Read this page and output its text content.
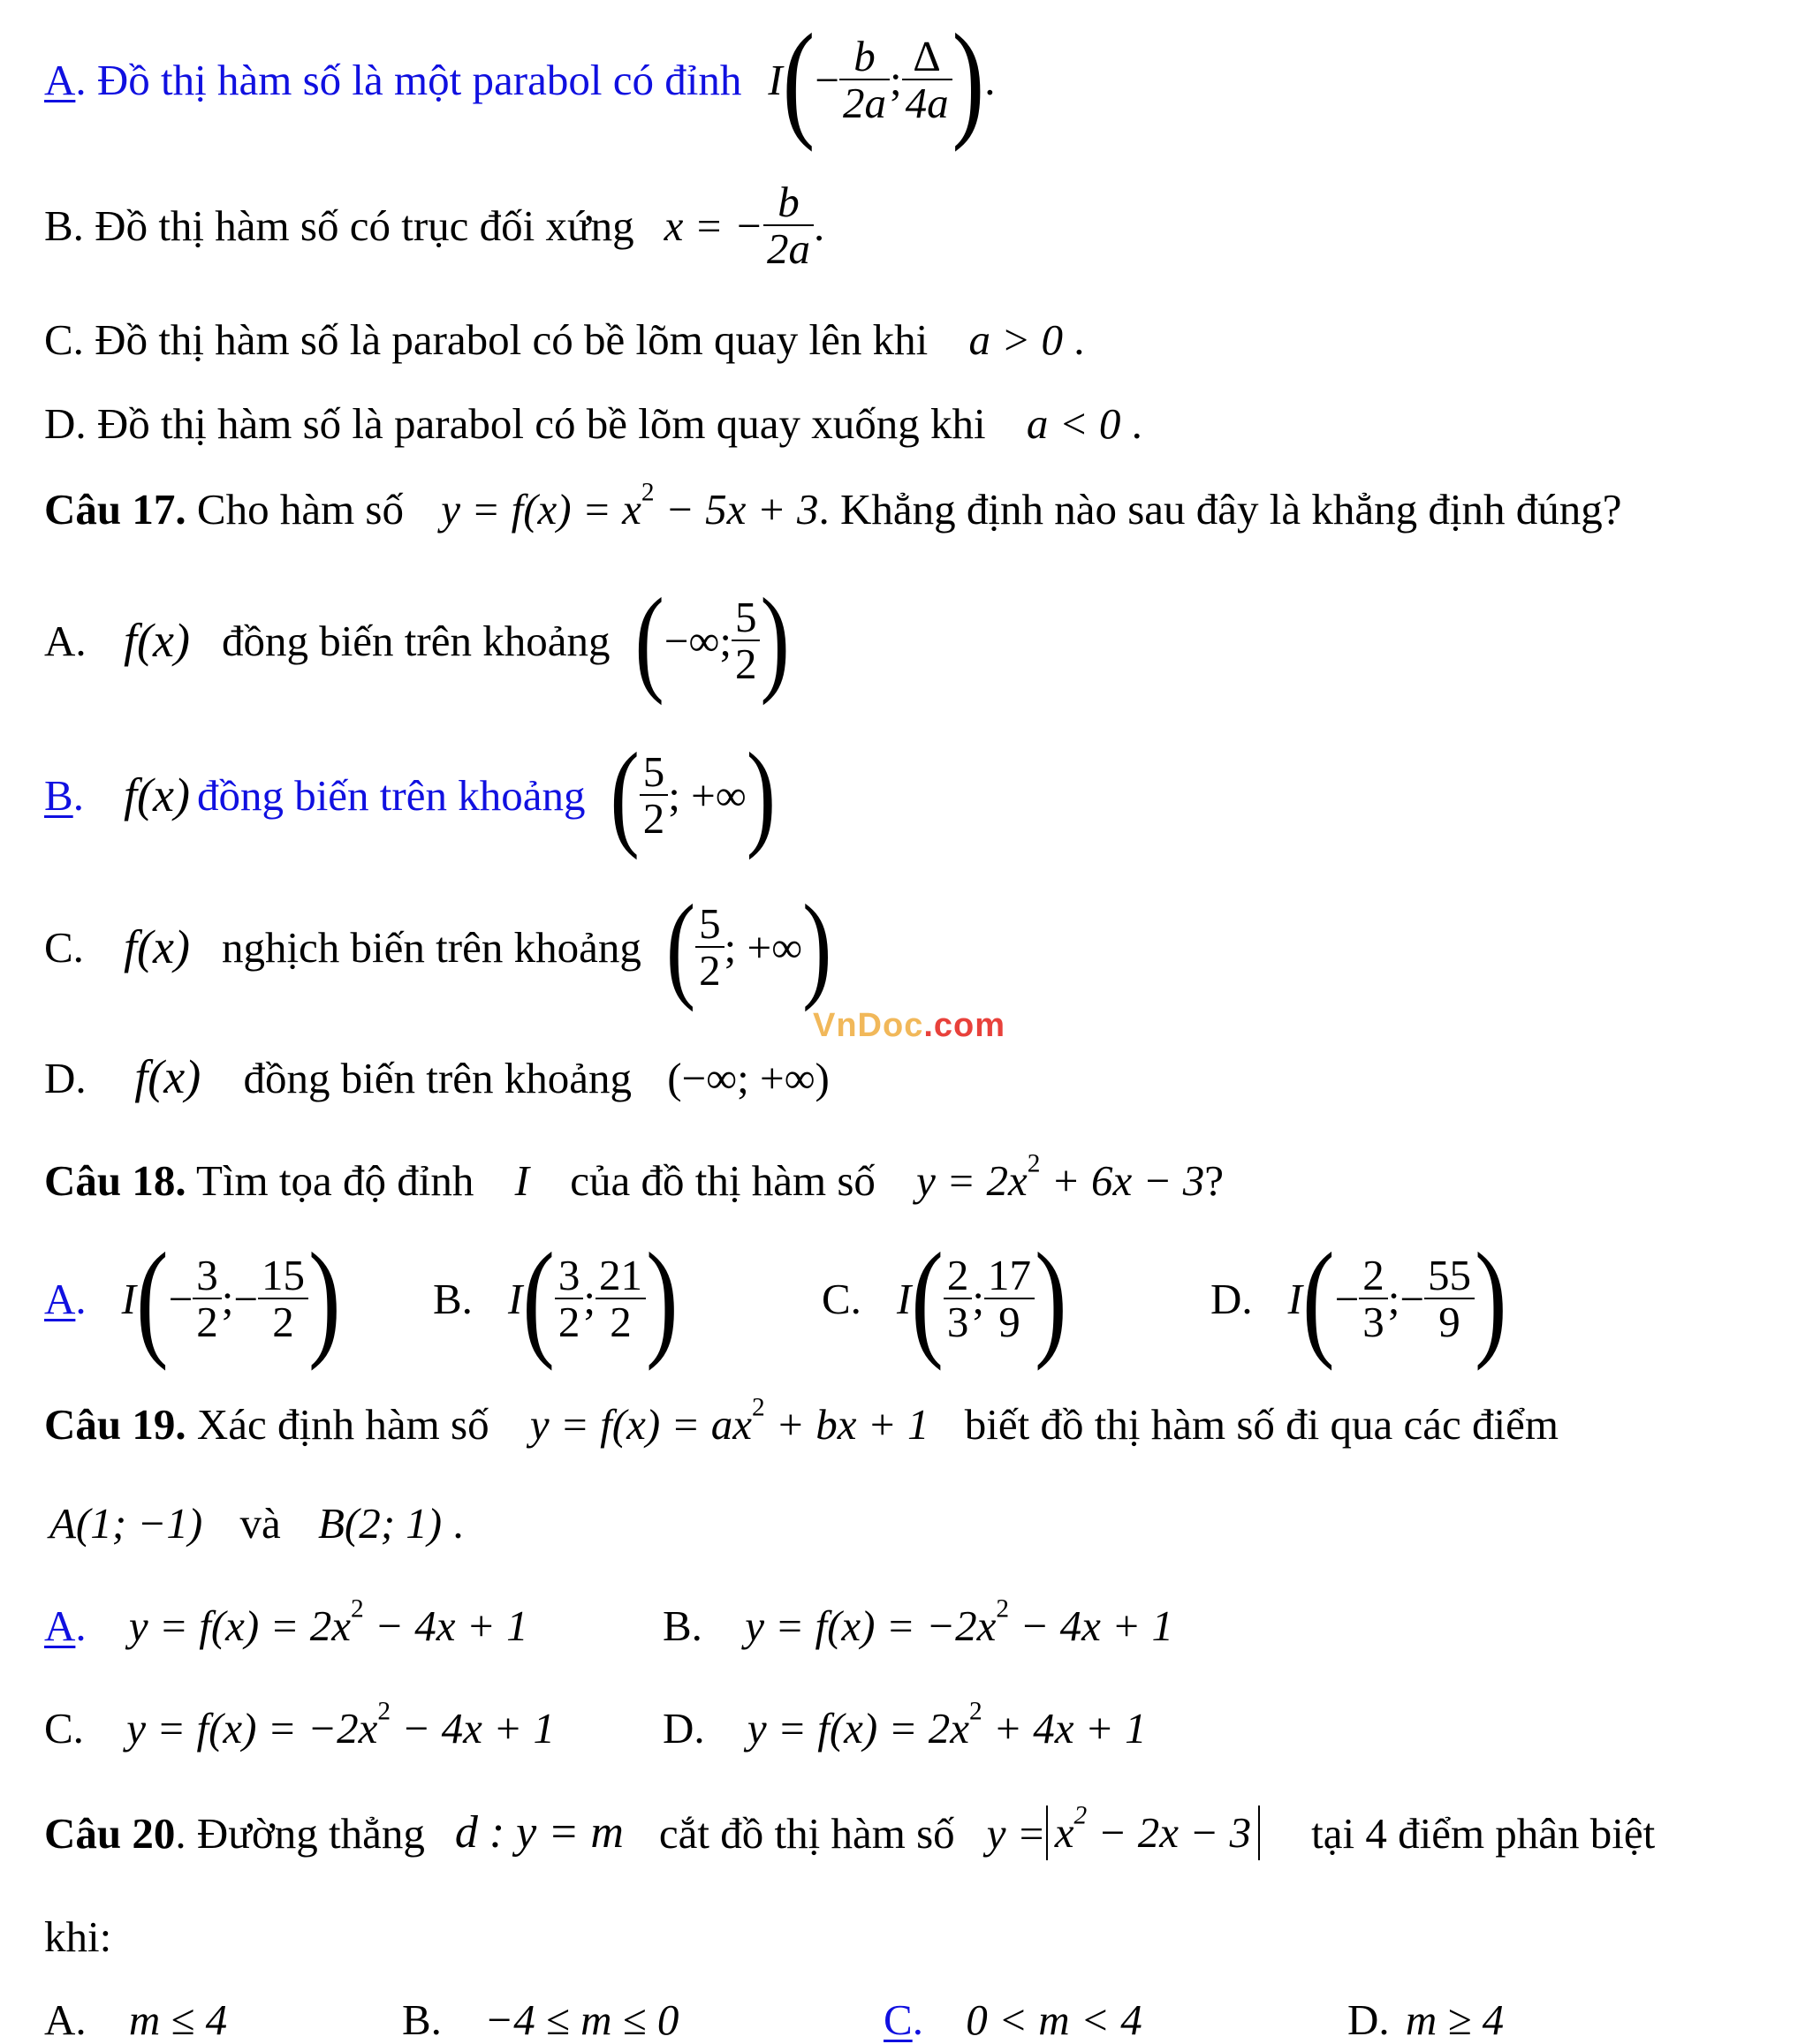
A . Đồ thị hàm số là một parabol có đỉnh I ( − $\frac{b}{2a}$ ; Δ
4a ) .
B. Đồ thị hàm số có trục đối xứng x = − $\frac{b}{2a}$ .
C. Đồ thị hàm số là parabol có bề lõm quay lên khi a > 0 .
D. Đồ thị hàm số là parabol có bề lõm quay xuống khi a < 0 .
Câu 17. Cho hàm số $y = f(x) = x^2 - 5x + 3$. Khẳng định nào sau đây là khẳng định đúng?
A. f(x) đồng biến trên khoảng ( −∞; 5
2 )
B. f(x) đồng biến trên khoảng ( 5
2 ; +∞ )
C. f(x) nghịch biến trên khoảng ( 5
2 ; +∞ )
VnDoc.com
D. f(x) đồng biến trên khoảng (−∞; +∞)
Câu 18. Tìm tọa độ đỉnh I của đồ thị hàm số $y = 2x^2 + 6x - 3$?
A. I ( − $\frac{3}{2}$ ; − $\frac{15}{2}$ ) B. I ( 3
2 ; 21
2 )	C. I ( 2
3 ; 17
9 )	D. I ( − $\frac{2}{3}$ ; − $\frac{55}{9}$ )
Câu 19. Xác định hàm số $y = f(x) = ax^2$ + bx + 1 biết đồ thị hàm số đi qua các điểm
A(1; −1) và B(2; 1) .
A. $y = f(x) = 2x^2 - 4x + 1$	B. $y = f(x) = -2x^2 - 4x + 1$
C. $y = f(x) = -2x^2 - 4x + 1$ D. $y = f(x) = 2x^2 + 4x + 1$
Câu 20 . Đường thẳng d : y = m cắt đồ thị hàm số $y = x^2 - 2x - 3$ tại 4 điểm phân biệt
khi:
A. m ≤ 4	B. −4 ≤ m ≤ 0	C. 0 < m < 4	D. m ≥ 4
